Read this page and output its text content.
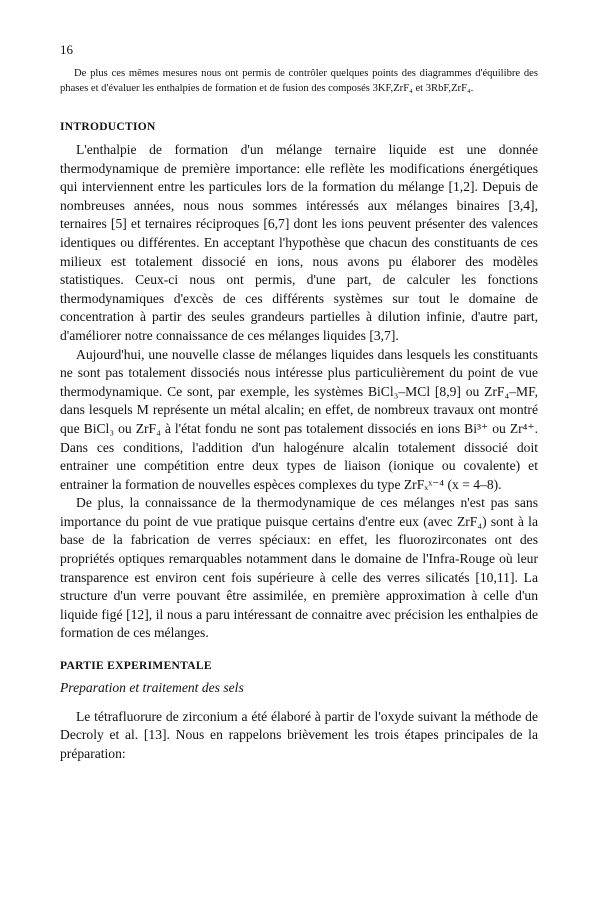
16

De plus ces mêmes mesures nous ont permis de contrôler quelques points des diagrammes d'équilibre des phases et d'évaluer les enthalpies de formation et de fusion des composés 3KF,ZrF₄ et 3RbF,ZrF₄.

INTRODUCTION

L'enthalpie de formation d'un mélange ternaire liquide est une donnée thermodynamique de première importance: elle reflète les modifications énergétiques qui interviennent entre les particules lors de la formation du mélange [1,2]. Depuis de nombreuses années, nous nous sommes intéressés aux mélanges binaires [3,4], ternaires [5] et ternaires réciproques [6,7] dont les ions peuvent présenter des valences identiques ou différentes. En acceptant l'hypothèse que chacun des constituants de ces milieux est totalement dissocié en ions, nous avons pu élaborer des modèles statistiques. Ceux-ci nous ont permis, d'une part, de calculer les fonctions thermodynamiques d'excès de ces différents systèmes sur tout le domaine de concentration à partir des seules grandeurs partielles à dilution infinie, d'autre part, d'améliorer notre connaissance de ces mélanges liquides [3,7].

Aujourd'hui, une nouvelle classe de mélanges liquides dans lesquels les constituants ne sont pas totalement dissociés nous intéresse plus particulièrement du point de vue thermodynamique. Ce sont, par exemple, les systèmes BiCl₃–MCl [8,9] ou ZrF₄–MF, dans lesquels M représente un métal alcalin; en effet, de nombreux travaux ont montré que BiCl₃ ou ZrF₄ à l'état fondu ne sont pas totalement dissociés en ions Bi³⁺ ou Zr⁴⁺. Dans ces conditions, l'addition d'un halogénure alcalin totalement dissocié doit entrainer une compétition entre deux types de liaison (ionique ou covalente) et entrainer la formation de nouvelles espèces complexes du type ZrFₓˣ⁻⁴ (x = 4–8).

De plus, la connaissance de la thermodynamique de ces mélanges n'est pas sans importance du point de vue pratique puisque certains d'entre eux (avec ZrF₄) sont à la base de la fabrication de verres spéciaux: en effet, les fluorozirconates ont des propriétés optiques remarquables notamment dans le domaine de l'Infra-Rouge où leur transparence est environ cent fois supérieure à celle des verres silicatés [10,11]. La structure d'un verre pouvant être assimilée, en première approximation à celle d'un liquide figé [12], il nous a paru intéressant de connaitre avec précision les enthalpies de formation de ces mélanges.

PARTIE EXPERIMENTALE
Preparation et traitement des sels

Le tétrafluorure de zirconium a été élaboré à partir de l'oxyde suivant la méthode de Decroly et al. [13]. Nous en rappelons brièvement les trois étapes principales de la préparation:
